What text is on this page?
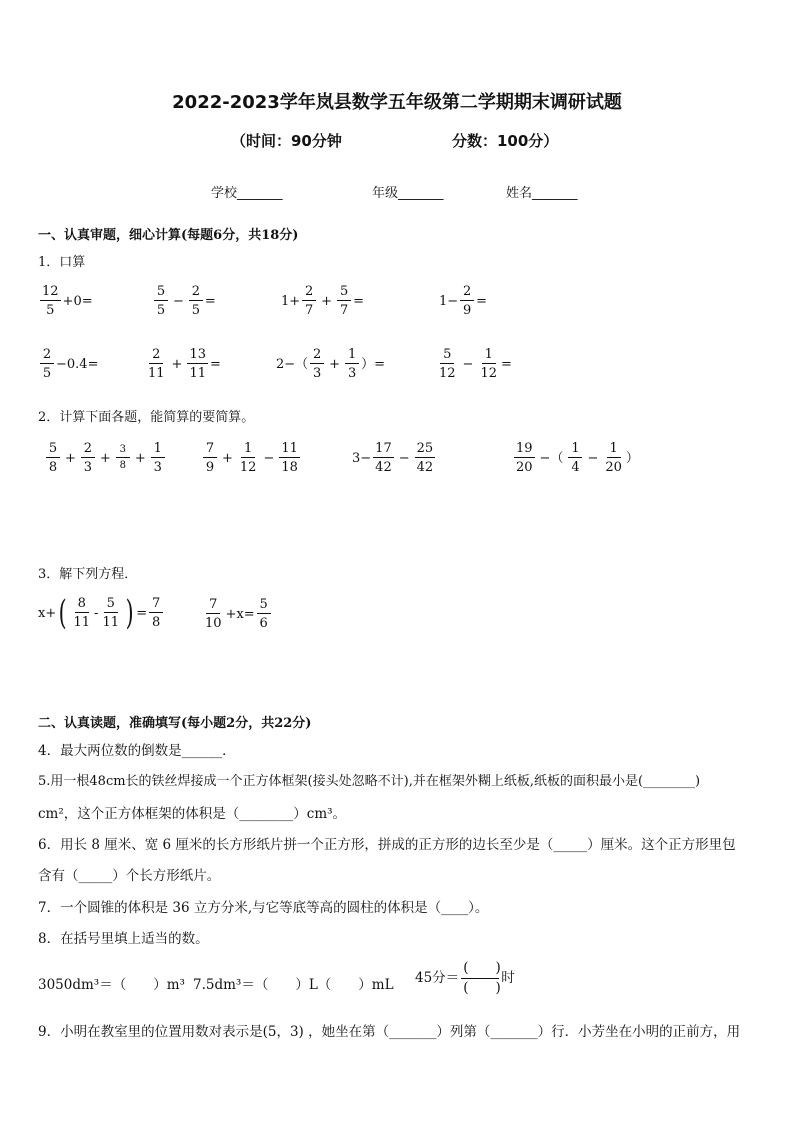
2022-2023学年岚县数学五年级第二学期期末调研试题
（时间：90分钟	分数：100分）
学校_______	年级_______	姓名_______
一、认真审题，细心计算(每题6分，共18分)
1．口算
$\frac{12}{5} +0=$	$\frac{5}{5} - \frac{2}{5}$ =	$1+ \frac{2}{7} + \frac{5}{7}$ =	$1- \frac{2}{9}$ =
$\frac{2}{5} -0.4=$	$\frac{2}{11} + \frac{13}{11}$ =	$2-( \frac{2}{3} + \frac{1}{3}$ ）=	$\frac{5}{12} - \frac{1}{12}$ =
2．计算下面各题，能简算的要简算。
$\frac{5}{8} + \frac{2}{3} + \frac{3}{8} + \frac{1}{3}$	$\frac{7}{9} + \frac{1}{12} - \frac{11}{18}$	$3- \frac{17}{42} - \frac{25}{42}$	$\frac{19}{20}$ −（ $\frac{1}{4} - \frac{1}{20}$ ）
3．解下列方程．
x+ ( $\frac{8}{11} - \frac{5}{11}$ ) = $\frac{7}{8}$	$\frac{7}{10} +x= \frac{5}{6}$
二、认真读题，准确填写(每小题2分，共22分)
4．最大两位数的倒数是______．
5.用一根48cm长的铁丝焊接成一个正方体框架(接头处忽略不计),并在框架外糊上纸板,纸板的面积最小是(________)
cm²，这个正方体框架的体积是（________）cm³。
6．用长 8 厘米、宽 6 厘米的长方形纸片拼一个正方形，拼成的正方形的边长至少是（_____）厘米。这个正方形里包
含有（_____）个长方形纸片。
7．一个圆锥的体积是 36 立方分米,与它等底等高的圆柱的体积是（____）。
8．在括号里填上适当的数。
3050dm³＝（　　）m³ 7.5dm³＝（　　）L（　　）mL 45分＝ $\frac{( )}{( )}$ 时
9．小明在教室里的位置用数对表示是(5，3) ，她坐在第（_______）列第（_______）行．小芳坐在小明的正前方，用
